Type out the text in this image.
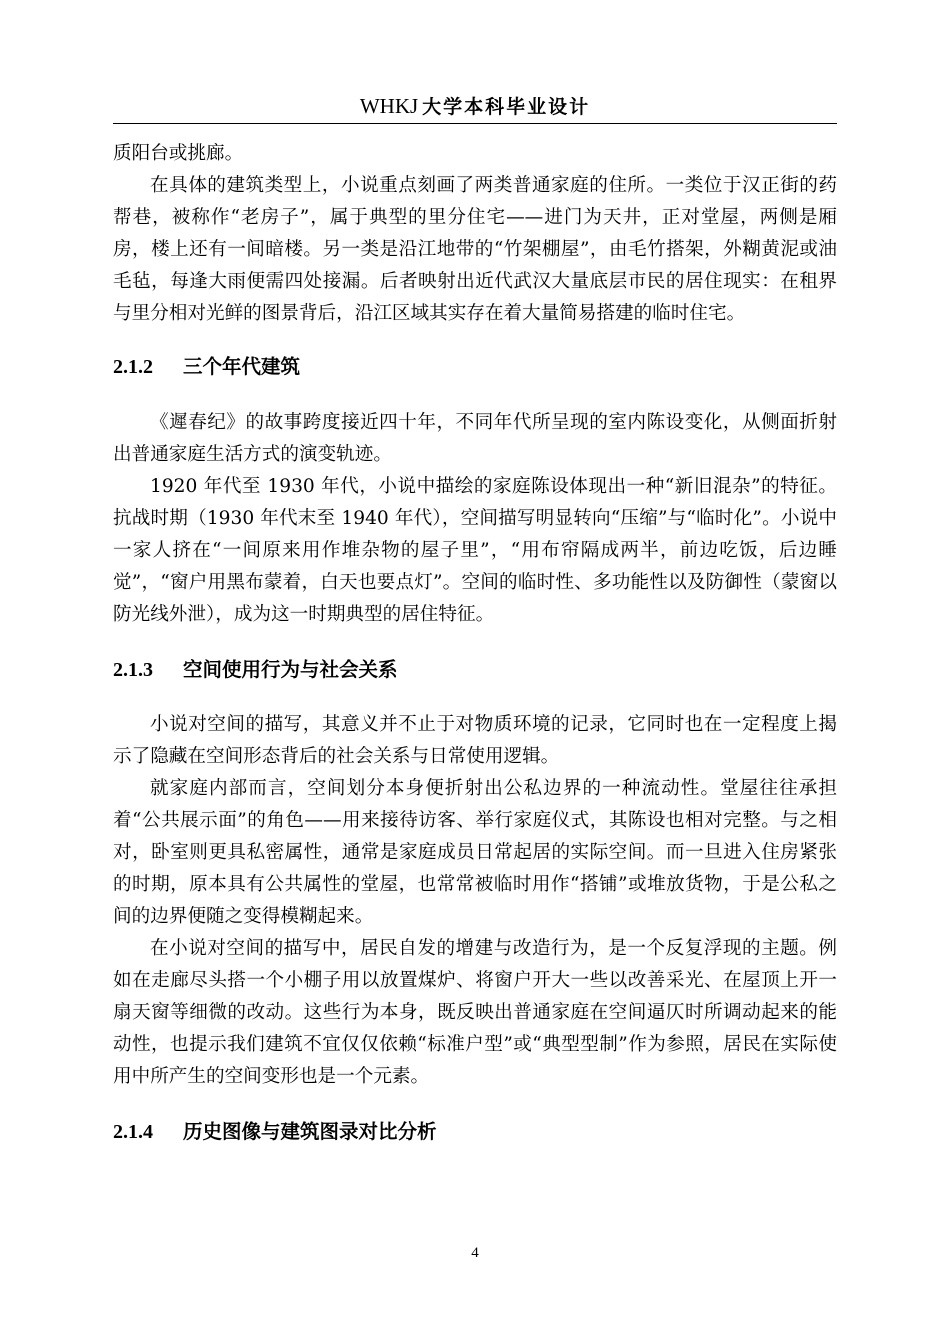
WHKJ 大学本科毕业设计

质阳台或挑廊。

在具体的建筑类型上，小说重点刻画了两类普通家庭的住所。一类位于汉正街的药帮巷，被称作“老房子”，属于典型的里分住宅——进门为天井，正对堂屋，两侧是厢房，楼上还有一间暗楼。另一类是沿江地带的“竹架棚屋”，由毛竹搭架，外糊黄泥或油毛毡，每逢大雨便需四处接漏。后者映射出近代武汉大量底层市民的居住现实：在租界与里分相对光鲜的图景背后，沿江区域其实存在着大量简易搭建的临时住宅。

2.1.2 三个年代建筑

《遲春纪》的故事跨度接近四十年，不同年代所呈现的室内陈设变化，从侧面折射出普通家庭生活方式的演变轨迹。

1920 年代至 1930 年代，小说中描绘的家庭陈设体现出一种“新旧混杂”的特征。抗战时期（1930 年代末至 1940 年代），空间描写明显转向“压缩”与“临时化”。小说中一家人挤在“一间原来用作堆杂物的屋子里”，“用布帘隔成两半，前边吃饭，后边睡觉”，“窗户用黑布蒙着，白天也要点灯”。空间的临时性、多功能性以及防御性（蒙窗以防光线外泄），成为这一时期典型的居住特征。

2.1.3 空间使用行为与社会关系

小说对空间的描写，其意义并不止于对物质环境的记录，它同时也在一定程度上揭示了隐藏在空间形态背后的社会关系与日常使用逻辑。

就家庭内部而言，空间划分本身便折射出公私边界的一种流动性。堂屋往往承担着“公共展示面”的角色——用来接待访客、举行家庭仪式，其陈设也相对完整。与之相对，卧室则更具私密属性，通常是家庭成员日常起居的实际空间。而一旦进入住房紧张的时期，原本具有公共属性的堂屋，也常常被临时用作“搭铺”或堆放货物，于是公私之间的边界便随之变得模糊起来。

在小说对空间的描写中，居民自发的增建与改造行为，是一个反复浮现的主题。例如在走廊尽头搭一个小棚子用以放置煤炉、将窗户开大一些以改善采光、在屋顶上开一扇天窗等细微的改动。这些行为本身，既反映出普通家庭在空间逼仄时所调动起来的能动性，也提示我们建筑不宜仅仅依赖“标准户型”或“典型型制”作为参照，居民在实际使用中所产生的空间变形也是一个元素。

2.1.4 历史图像与建筑图录对比分析
4
